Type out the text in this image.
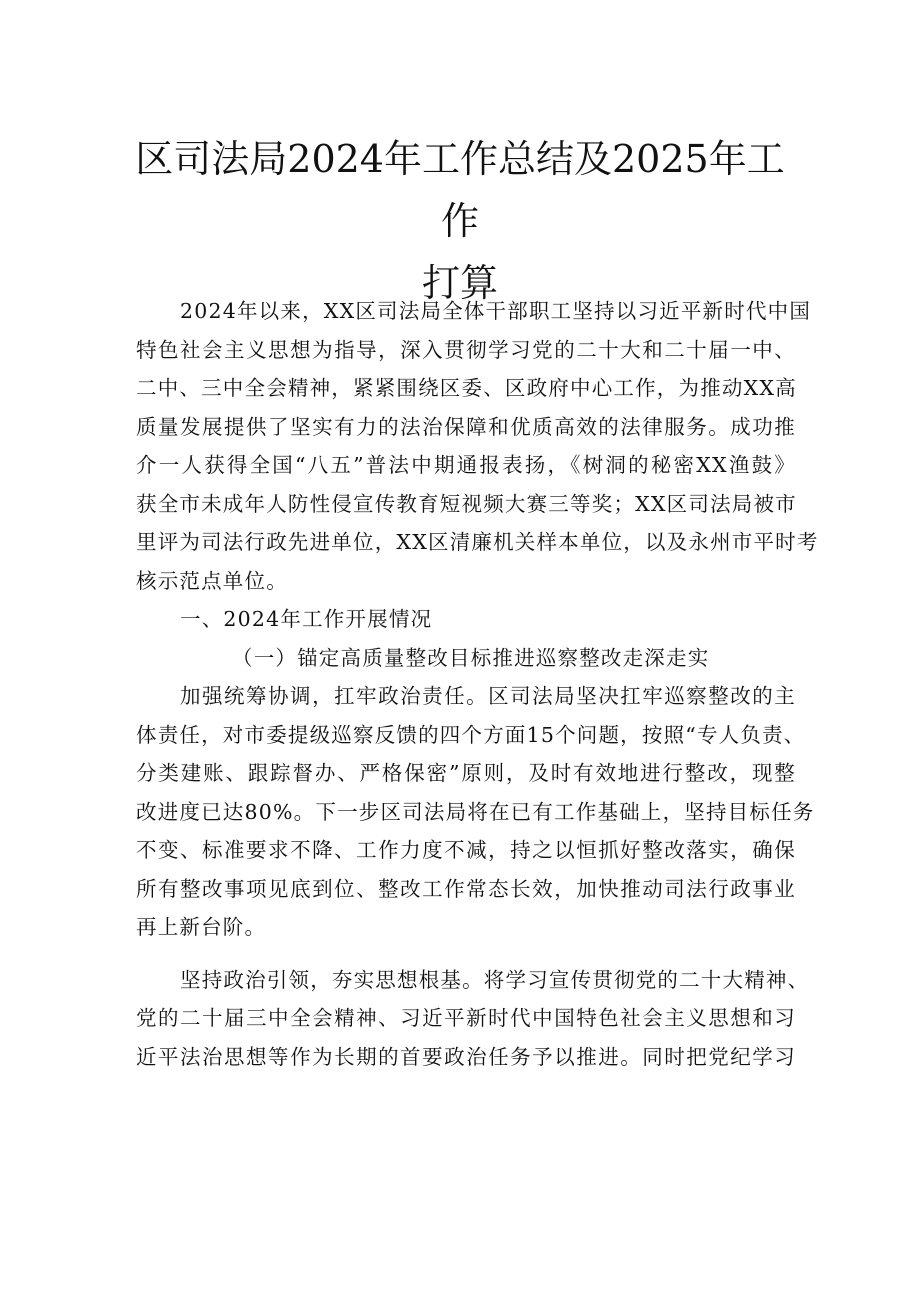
区司法局2024年工作总结及2025年工作
打算
2024年以来，XX区司法局全体干部职工坚持以习近平新时代中国
特色社会主义思想为指导，深入贯彻学习党的二十大和二十届一中、
二中、三中全会精神，紧紧围绕区委、区政府中心工作，为推动XX高
质量发展提供了坚实有力的法治保障和优质高效的法律服务。成功推
介一人获得全国“八五”普法中期通报表扬，《树洞的秘密XX渔鼓》
获全市未成年人防性侵宣传教育短视频大赛三等奖；XX区司法局被市
里评为司法行政先进单位，XX区清廉机关样本单位，以及永州市平时考
核示范点单位。
一、2024年工作开展情况
（一）锚定高质量整改目标推进巡察整改走深走实
加强统筹协调，扛牢政治责任。区司法局坚决扛牢巡察整改的主
体责任，对市委提级巡察反馈的四个方面15个问题，按照“专人负责、
分类建账、跟踪督办、严格保密”原则，及时有效地进行整改，现整
改进度已达80%。下一步区司法局将在已有工作基础上，坚持目标任务
不变、标准要求不降、工作力度不减，持之以恒抓好整改落实，确保
所有整改事项见底到位、整改工作常态长效，加快推动司法行政事业
再上新台阶。
坚持政治引领，夯实思想根基。将学习宣传贯彻党的二十大精神、
党的二十届三中全会精神、习近平新时代中国特色社会主义思想和习
近平法治思想等作为长期的首要政治任务予以推进。同时把党纪学习
